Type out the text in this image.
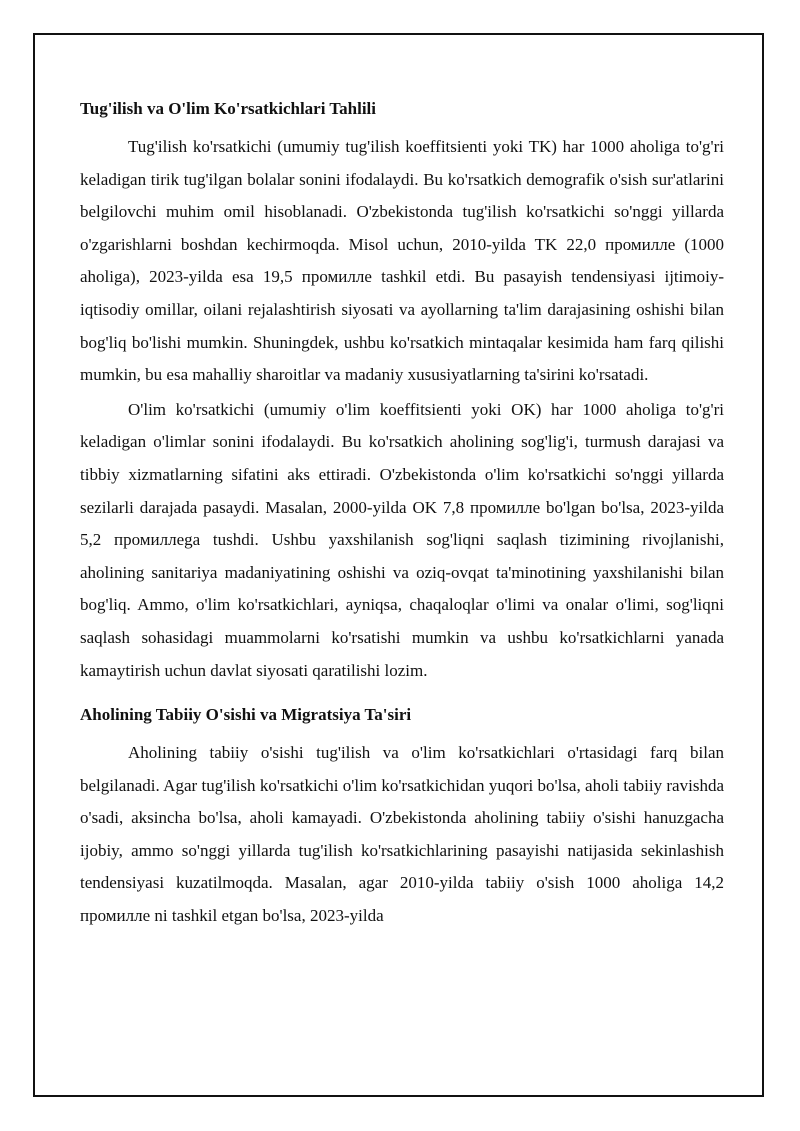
Tug'ilish va O'lim Ko'rsatkichlari Tahlili

Tug'ilish ko'rsatkichi (umumiy tug'ilish koeffitsienti yoki TK) har 1000 aholiga to'g'ri keladigan tirik tug'ilgan bolalar sonini ifodalaydi. Bu ko'rsatkich demografik o'sish sur'atlarini belgilovchi muhim omil hisoblanadi. O'zbekistonda tug'ilish ko'rsatkichi so'nggi yillarda o'zgarishlarni boshdan kechirmoqda. Misol uchun, 2010-yilda TK 22,0 промилле (1000 aholiga), 2023-yilda esa 19,5 промилле tashkil etdi. Bu pasayish tendensiyasi ijtimoiy-iqtisodiy omillar, oilani rejalashtirish siyosati va ayollarning ta'lim darajasining oshishi bilan bog'liq bo'lishi mumkin. Shuningdek, ushbu ko'rsatkich mintaqalar kesimida ham farq qilishi mumkin, bu esa mahalliy sharoitlar va madaniy xususiyatlarning ta'sirini ko'rsatadi.

O'lim ko'rsatkichi (umumiy o'lim koeffitsienti yoki OK) har 1000 aholiga to'g'ri keladigan o'limlar sonini ifodalaydi. Bu ko'rsatkich aholining sog'lig'i, turmush darajasi va tibbiy xizmatlarning sifatini aks ettiradi. O'zbekistonda o'lim ko'rsatkichi so'nggi yillarda sezilarli darajada pasaydi. Masalan, 2000-yilda OK 7,8 промилле bo'lgan bo'lsa, 2023-yilda 5,2 промиллеga tushdi. Ushbu yaxshilanish sog'liqni saqlash tizimining rivojlanishi, aholining sanitariya madaniyatining oshishi va oziq-ovqat ta'minotining yaxshilanishi bilan bog'liq. Ammo, o'lim ko'rsatkichlari, ayniqsa, chaqaloqlar o'limi va onalar o'limi, sog'liqni saqlash sohasidagi muammolarni ko'rsatishi mumkin va ushbu ko'rsatkichlarni yanada kamaytirish uchun davlat siyosati qaratilishi lozim.

Aholining Tabiiy O'sishi va Migratsiya Ta'siri

Aholining tabiiy o'sishi tug'ilish va o'lim ko'rsatkichlari o'rtasidagi farq bilan belgilanadi. Agar tug'ilish ko'rsatkichi o'lim ko'rsatkichidan yuqori bo'lsa, aholi tabiiy ravishda o'sadi, aksincha bo'lsa, aholi kamayadi. O'zbekistonda aholining tabiiy o'sishi hanuzgacha ijobiy, ammo so'nggi yillarda tug'ilish ko'rsatkichlarining pasayishi natijasida sekinlashish tendensiyasi kuzatilmoqda. Masalan, agar 2010-yilda tabiiy o'sish 1000 aholiga 14,2 промилле ni tashkil etgan bo'lsa, 2023-yilda
